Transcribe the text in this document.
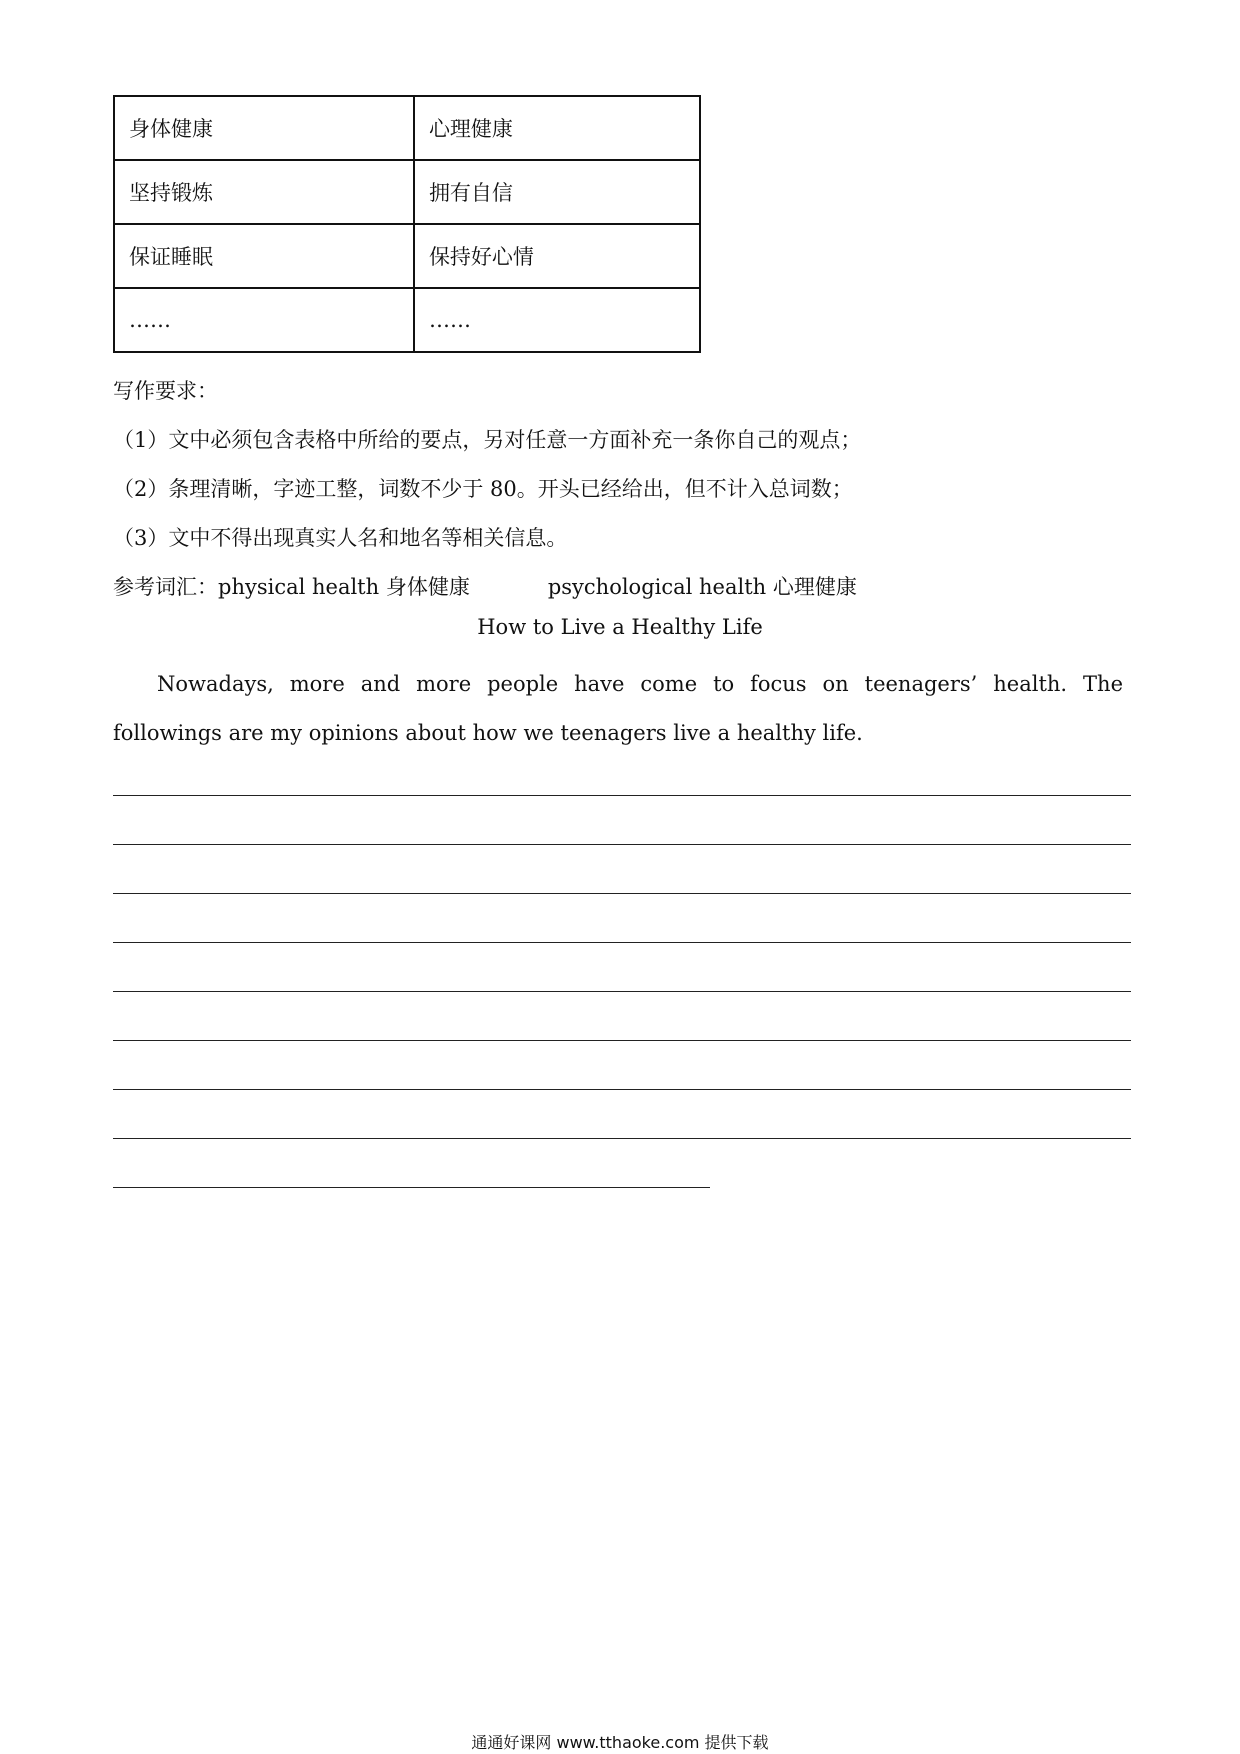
身体健康	心理健康
坚持锻炼	拥有自信
保证睡眠	保持好心情
……	……
写作要求：
（1）文中必须包含表格中所给的要点，另对任意一方面补充一条你自己的观点；
（2）条理清晰，字迹工整，词数不少于 80。开头已经给出，但不计入总词数；
（3）文中不得出现真实人名和地名等相关信息。
参考词汇：physical health 身体健康	psychological health 心理健康
How to Live a Healthy Life
Nowadays, more and more people have come to focus on teenagers’ health. The followings are my opinions about how we teenagers live a healthy life.
通通好课网 www.tthaoke.com 提供下载
